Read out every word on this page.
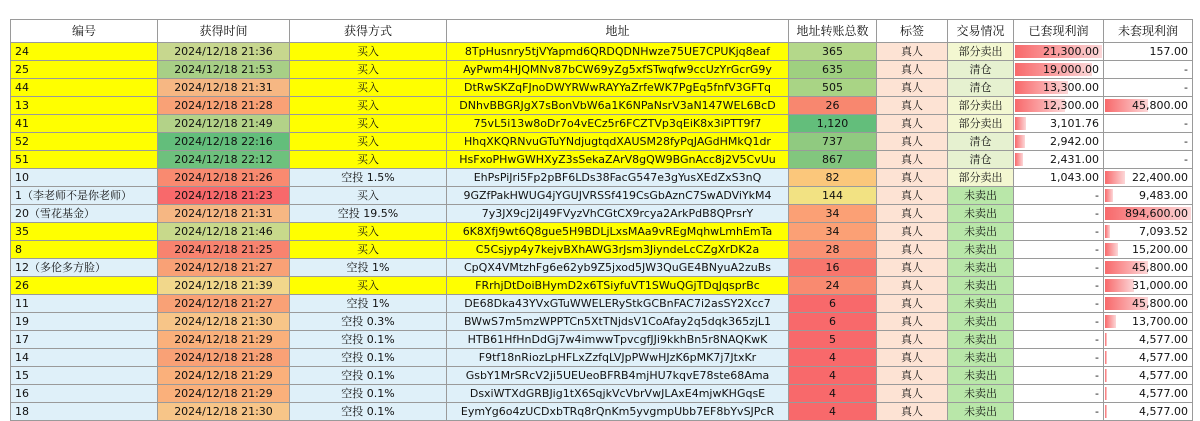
编号	获得时间	获得方式	地址	地址转账总数	标签	交易情况	已套现利润	未套现利润
24	2024/12/18 21:36	买入	8TpHusnry5tjVYapmd6QRDQDNHwze75UE7CPUKjq8eaf	365	真人	部分卖出	21,300.00	157.00
25	2024/12/18 21:53	买入	AyPwm4HJQMNv87bCW69yZg5xfSTwqfw9ccUzYrGcrG9y	635	真人	清仓	19,000.00	-
44	2024/12/18 21:31	买入	DtRwSKZqFJnoDWYRWwRAYYaZrfeWK7PgEq5fnfV3GFTq	505	真人	清仓	13,300.00	-
13	2024/12/18 21:28	买入	DNhvBBGRJgX7sBonVbW6a1K6NPaNsrV3aN147WEL6BcD	26	真人	部分卖出	12,300.00	45,800.00
41	2024/12/18 21:49	买入	75vL5i13w8oDr7o4vECz5r6FCZTVp3qEiK8x3iPTT9f7	1,120	真人	部分卖出	3,101.76	-
52	2024/12/18 22:16	买入	HhqXKQRNvuGTuYNdjugtqdXAUSM28fyPqJAGdHMkQ1dr	737	真人	清仓	2,942.00	-
51	2024/12/18 22:12	买入	HsFxoPHwGWHXyZ3sSekaZArV8gQW9BGnAcc8j2V5CvUu	867	真人	清仓	2,431.00	-
10	2024/12/18 21:26	空投 1.5%	EhPsPiJri5Fp2pBF6LDs38FacG547e3gYusXEdZxS3nQ	82	真人	部分卖出	1,043.00	22,400.00
1（李老师不是你老师）	2024/12/18 21:23	买入	9GZfPakHWUG4jYGUJVRSSf419CsGbAznC7SwADViYkM4	144	真人	未卖出	-	9,483.00
20（雪花基金）	2024/12/18 21:31	空投 19.5%	7y3JX9cj2iJ49FVyzVhCGtCX9rcya2ArkPdB8QPrsrY	34	真人	未卖出	-	894,600.00
35	2024/12/18 21:46	买入	6K8Xfj9wt6Q8gue5H9BDLjLxsMAa9vREgMqhwLmhEmTa	34	真人	未卖出	-	7,093.52
8	2024/12/18 21:25	买入	C5Csjyp4y7kejvBXhAWG3rJsm3JiyndeLcCZgXrDK2a	28	真人	未卖出	-	15,200.00
12（多伦多方脸）	2024/12/18 21:27	空投 1%	CpQX4VMtzhFg6e62yb9Z5jxod5JW3QuGE4BNyuA2zuBs	16	真人	未卖出	-	45,800.00
26	2024/12/18 21:39	买入	FRrhjDtDoiBHymD2x6TSiyfuVT1SWuQGjTDqJqsprBc	24	真人	未卖出	-	31,000.00
11	2024/12/18 21:27	空投 1%	DE68Dka43YVxGTuWWELERyStkGCBnFAC7i2asSY2Xcc7	6	真人	未卖出	-	45,800.00
19	2024/12/18 21:30	空投 0.3%	BWwS7m5mzWPPTCn5XtTNjdsV1CoAfay2q5dqk365zjL1	6	真人	未卖出	-	13,700.00
17	2024/12/18 21:29	空投 0.1%	HTB61HfHnDdGj7w4imwwTpvcgfJJi9kkhBn5r8NAQKwK	5	真人	未卖出	-	4,577.00
14	2024/12/18 21:28	空投 0.1%	F9tf18nRiozLpHFLxZzfqLVJpPWwHJzK6pMK7j7JtxKr	4	真人	未卖出	-	4,577.00
15	2024/12/18 21:29	空投 0.1%	GsbY1MrSRcV2ji5UEUeoBFRB4mjHU7kqvE78ste68Ama	4	真人	未卖出	-	4,577.00
16	2024/12/18 21:29	空投 0.1%	DsxiWTXdGRBJig1tX6SqjkVcVbrVwJLAxE4mjwKHGqsE	4	真人	未卖出	-	4,577.00
18	2024/12/18 21:30	空投 0.1%	EymYg6o4zUCDxbTRq8rQnKm5yvgmpUbb7EF8bYvSJPcR	4	真人	未卖出	-	4,577.00
